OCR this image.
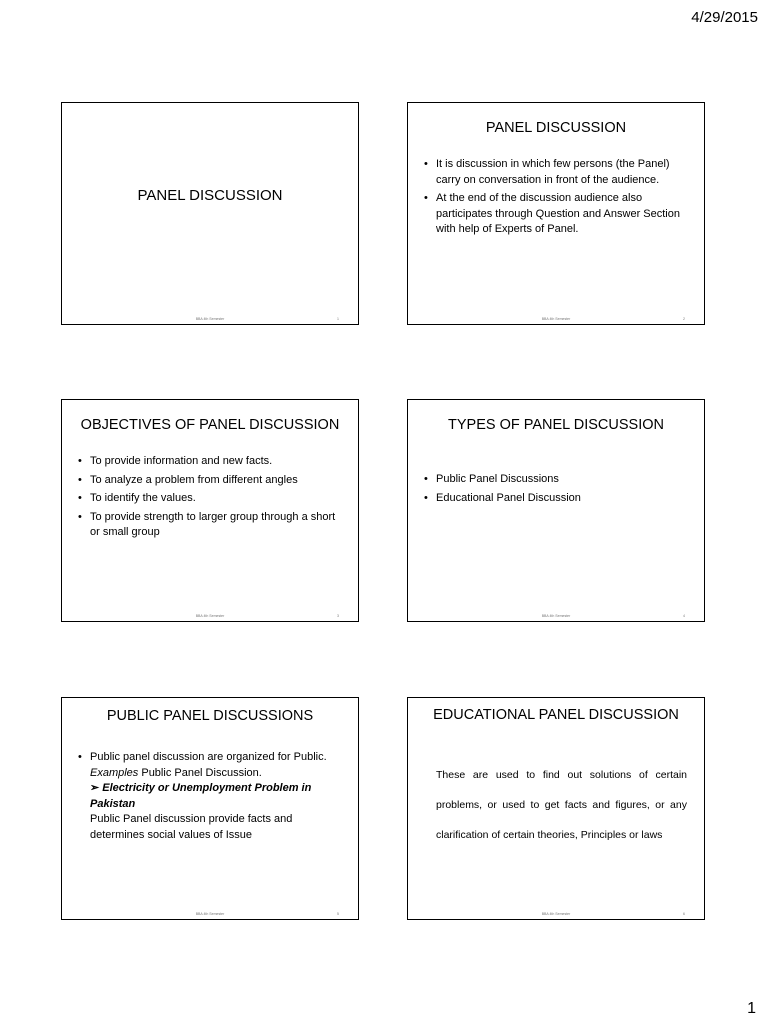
4/29/2015
PANEL DISCUSSION
BBA 4th Semester	1
PANEL DISCUSSION
• It is discussion in which few persons (the Panel) carry on conversation in front of the audience.
• At the end of the discussion audience also participates through Question and Answer Section with help of Experts of Panel.
BBA 4th Semester	2
OBJECTIVES OF PANEL DISCUSSION
• To provide information and new facts.
• To analyze a problem from different angles
• To identify the values.
• To provide strength to larger group through a short or small group
BBA 4th Semester	3
TYPES OF PANEL DISCUSSION
• Public Panel Discussions
• Educational Panel Discussion
BBA 4th Semester	4
PUBLIC PANEL DISCUSSIONS
• Public panel discussion are organized for Public.
Examples Public Panel Discussion.
➢ Electricity or Unemployment Problem in Pakistan
Public Panel discussion provide facts and determines social values of Issue
BBA 4th Semester	5
EDUCATIONAL PANEL DISCUSSION
These are used to find out solutions of certain problems, or used to get facts and figures, or any clarification of certain theories, Principles or laws
BBA 4th Semester	6
1
